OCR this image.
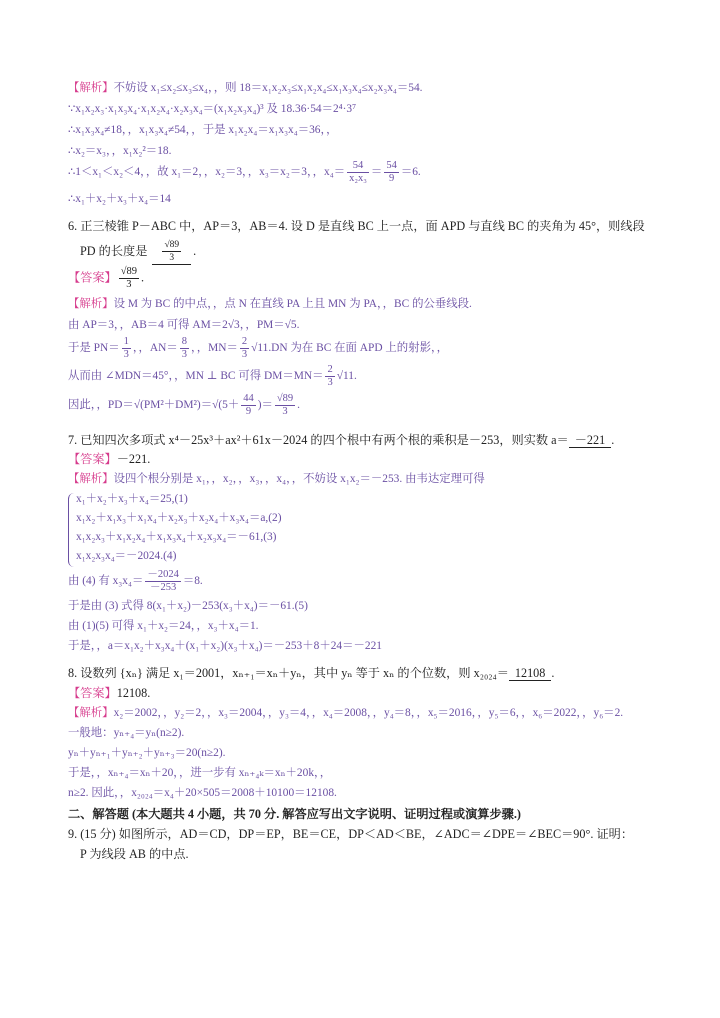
【解析】不妨设 x₁≤x₂≤x₃≤x₄，，则 18＝x₁x₂x₃≤x₁x₂x₄≤x₁x₃x₄≤x₂x₃x₄＝54.
∵x₁x₂x₃·x₁x₃x₄·x₁x₂x₄·x₂x₃x₄＝(x₁x₂x₃x₄)³ 及 18.36·54＝2⁴·3⁷
∴x₁x₃x₄≠18，，x₁x₃x₄≠54，，于是 x₁x₂x₄＝x₁x₃x₄＝36，，
∴x₂＝x₃，，x₁x₂²＝18.
∴1＜x₁＜x₂＜4，，故 x₁＝2，，x₂＝3，，x₃＝x₂＝3，，$x_4= \frac{54}{\text{x₂x₃}} = \frac{54}{9} =6$.
∴x₁＋x₂＋x₃＋x₄＝14
6. 正三棱锥 P－ABC 中，AP＝3，AB＝4. 设 D 是直线 BC 上一点，面 APD 与直线 BC 的夹角为 45°，则线段
PD 的长度是 $\frac{√89}{3}$ .
【答案】 $\frac{√89}{3}$ .
【解析】设 M 为 BC 的中点，，点 N 在直线 PA 上且 MN 为 PA，，BC 的公垂线段.
由 AP＝3，，AB＝4 可得 AM＝2√3，，PM＝√5.
于是 $PN= \frac{1}{3}$ ，，$AN= \frac{8}{3}$ ，，$MN= \frac{2}{3} √11.DN$ 为在 BC 在面 APD 上的射影，，
从而由 ∠MDN＝45°，，MN ⊥ BC 可得 $DM=MN= \frac{2}{3} √11$.
因此，，$PD=√(PM^2+DM^2)=√(5+ \frac{44}{9}$ )＝ $\frac{√89}{3}$ .
7. 已知四次多项式 x⁴－25x³＋ax²＋61x－2024 的四个根中有两个根的乘积是－253，则实数 a＝ －221 .
【答案】－221.
【解析】设四个根分别是 x₁，，x₂，，x₃，，x₄，，不妨设 x₁x₂＝－253. 由韦达定理可得
x₁＋x₂＋x₃＋x₄＝25,(1)
x₁x₂＋x₁x₃＋x₁x₄＋x₂x₃＋x₂x₄＋x₃x₄＝a,(2)
x₁x₂x₃＋x₁x₂x₄＋x₁x₃x₄＋x₂x₃x₄＝－61,(3)
x₁x₂x₃x₄＝－2024.(4)
由 (4) 有 $x_3x_4= \frac{-2024}{-253} =8$.
于是由 (3) 式得 8(x₁＋x₂)－253(x₃＋x₄)＝－61.(5)
由 (1)(5) 可得 x₁＋x₂＝24，，x₃＋x₄＝1.
于是，，a＝x₁x₂＋x₃x₄＋(x₁＋x₂)(x₃＋x₄)＝－253＋8＋24＝－221
8. 设数列 {xₙ} 满足 x₁＝2001，xₙ₊₁＝xₙ＋yₙ，其中 yₙ 等于 xₙ 的个位数，则 x₂₀₂₄＝ 12108 .
【答案】12108.
【解析】x₂＝2002，，y₂＝2，，x₃＝2004，，y₃＝4，，x₄＝2008，，y₄＝8，，x₅＝2016，，y₅＝6，，x₆＝2022，，y₆＝2.
一般地：yₙ₊₄＝yₙ(n≥2).
yₙ＋yₙ₊₁＋yₙ₊₂＋yₙ₊₃＝20(n≥2).
于是，，xₙ₊₄＝xₙ＋20，，进一步有 xₙ₊₄ₖ＝xₙ＋20k，，
n≥2. 因此，，x₂₀₂₄＝x₄＋20×505＝2008＋10100＝12108.
二、解答题 (本大题共 4 小题，共 70 分. 解答应写出文字说明、证明过程或演算步骤.)
9. (15 分) 如图所示，AD＝CD，DP＝EP，BE＝CE，DP＜AD＜BE，∠ADC＝∠DPE＝∠BEC＝90°. 证明：
P 为线段 AB 的中点.
